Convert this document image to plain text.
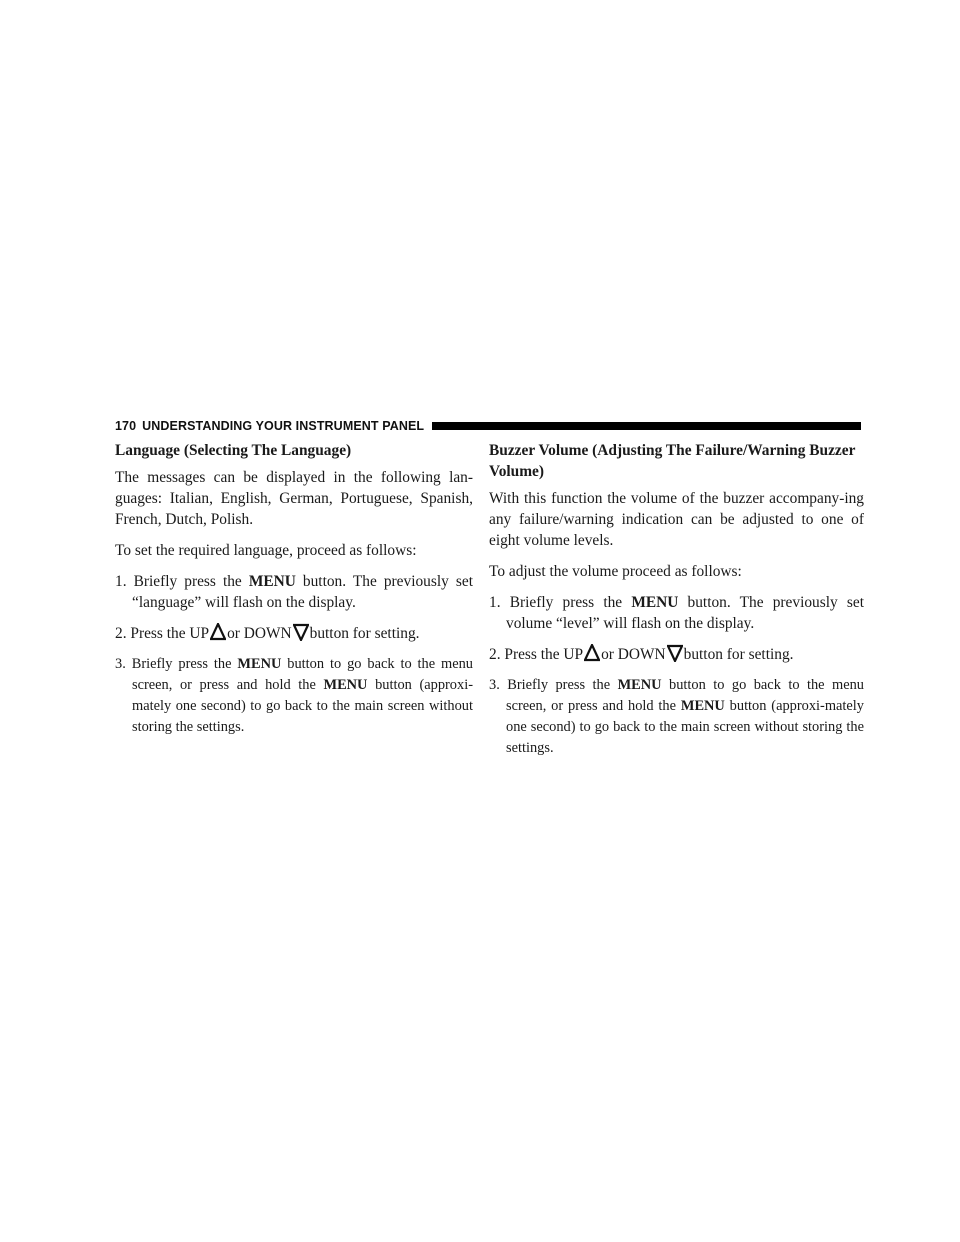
170 UNDERSTANDING YOUR INSTRUMENT PANEL

Language (Selecting The Language)

The messages can be displayed in the following lan-guages: Italian, English, German, Portuguese, Spanish, French, Dutch, Polish.

To set the required language, proceed as follows:

1. Briefly press the MENU button. The previously set “language” will flash on the display.

2. Press the UP or DOWN button for setting.

3. Briefly press the MENU button to go back to the menu screen, or press and hold the MENU button (approxi-mately one second) to go back to the main screen without storing the settings.

Buzzer Volume (Adjusting The Failure/Warning Buzzer Volume)

With this function the volume of the buzzer accompany-ing any failure/warning indication can be adjusted to one of eight volume levels.

To adjust the volume proceed as follows:

1. Briefly press the MENU button. The previously set volume “level” will flash on the display.

2. Press the UP or DOWN button for setting.

3. Briefly press the MENU button to go back to the menu screen, or press and hold the MENU button (approxi-mately one second) to go back to the main screen without storing the settings.
